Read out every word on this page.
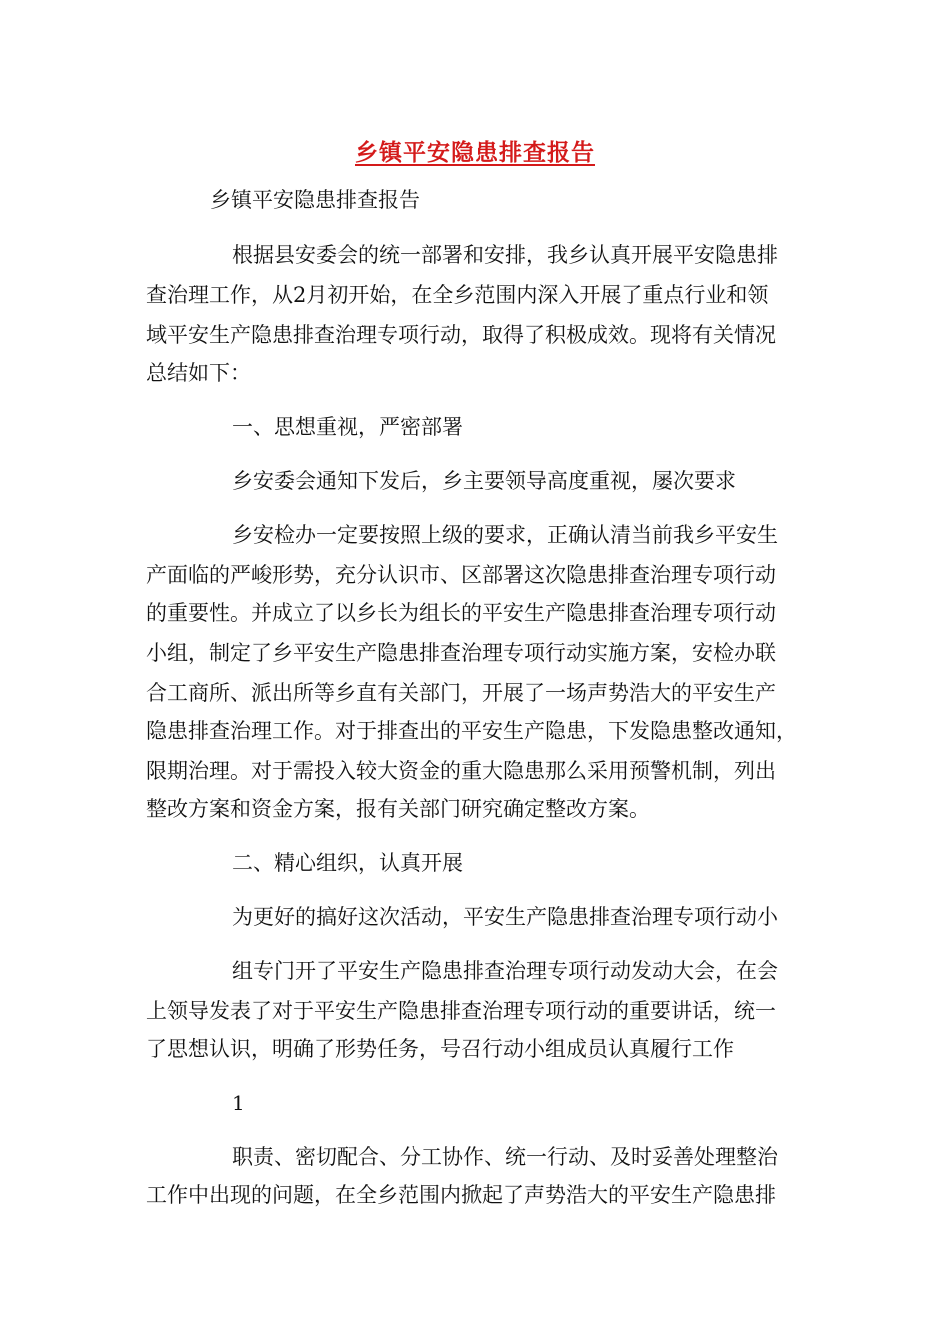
乡镇平安隐患排查报告
乡镇平安隐患排查报告
根据县安委会的统一部署和安排，我乡认真开展平安隐患排
查治理工作，从2月初开始，在全乡范围内深入开展了重点行业和领
域平安生产隐患排查治理专项行动，取得了积极成效。现将有关情况
总结如下：
一、思想重视，严密部署
乡安委会通知下发后，乡主要领导高度重视，屡次要求
乡安检办一定要按照上级的要求，正确认清当前我乡平安生
产面临的严峻形势，充分认识市、区部署这次隐患排查治理专项行动
的重要性。并成立了以乡长为组长的平安生产隐患排查治理专项行动
小组，制定了乡平安生产隐患排查治理专项行动实施方案，安检办联
合工商所、派出所等乡直有关部门，开展了一场声势浩大的平安生产
隐患排查治理工作。对于排查出的平安生产隐患，下发隐患整改通知，
限期治理。对于需投入较大资金的重大隐患那么采用预警机制，列出
整改方案和资金方案，报有关部门研究确定整改方案。
二、精心组织，认真开展
为更好的搞好这次活动，平安生产隐患排查治理专项行动小
组专门开了平安生产隐患排查治理专项行动发动大会，在会
上领导发表了对于平安生产隐患排查治理专项行动的重要讲话，统一
了思想认识，明确了形势任务，号召行动小组成员认真履行工作
1
职责、密切配合、分工协作、统一行动、及时妥善处理整治
工作中出现的问题，在全乡范围内掀起了声势浩大的平安生产隐患排
